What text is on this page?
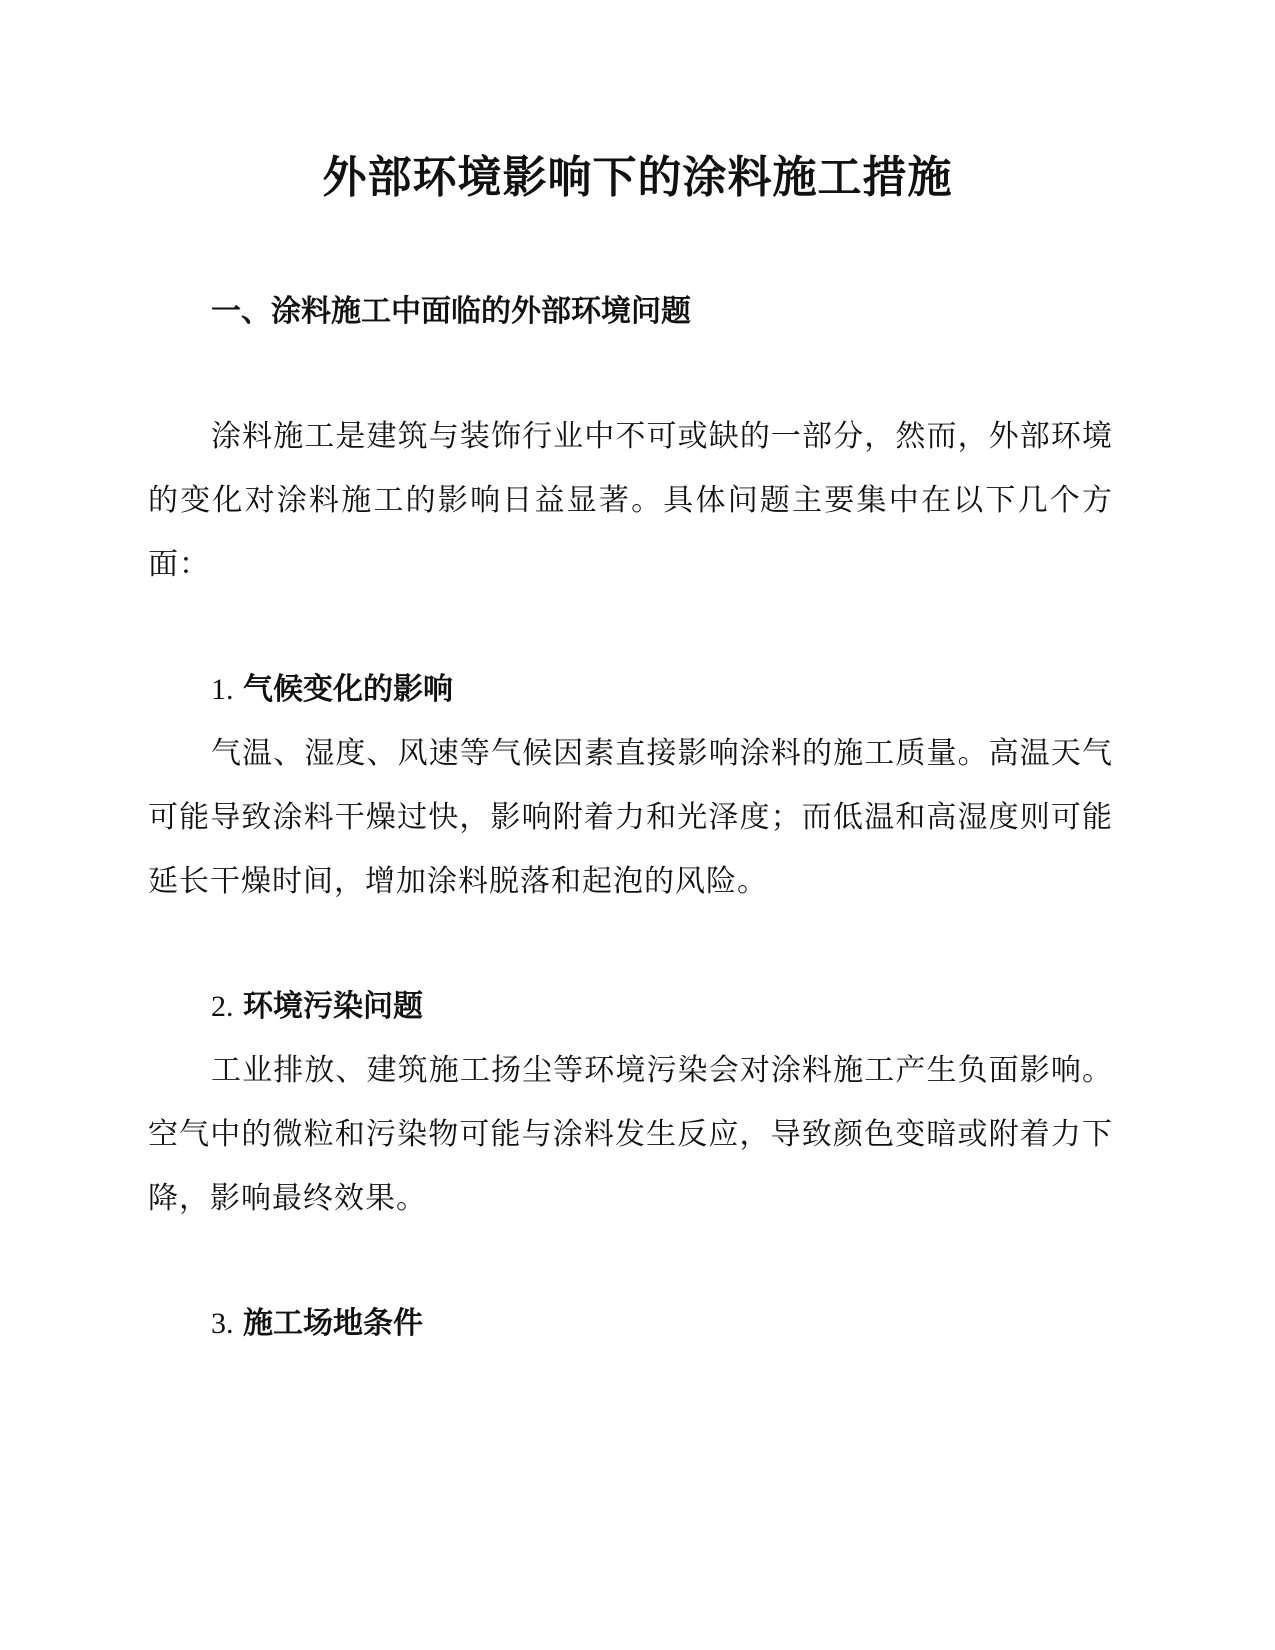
外部环境影响下的涂料施工措施
一、涂料施工中面临的外部环境问题

涂料施工是建筑与装饰行业中不可或缺的一部分，然而，外部环境的变化对涂料施工的影响日益显著。具体问题主要集中在以下几个方面：

1. 气候变化的影响

气温、湿度、风速等气候因素直接影响涂料的施工质量。高温天气可能导致涂料干燥过快，影响附着力和光泽度；而低温和高湿度则可能延长干燥时间，增加涂料脱落和起泡的风险。

2. 环境污染问题

工业排放、建筑施工扬尘等环境污染会对涂料施工产生负面影响。空气中的微粒和污染物可能与涂料发生反应，导致颜色变暗或附着力下降，影响最终效果。

3. 施工场地条件
